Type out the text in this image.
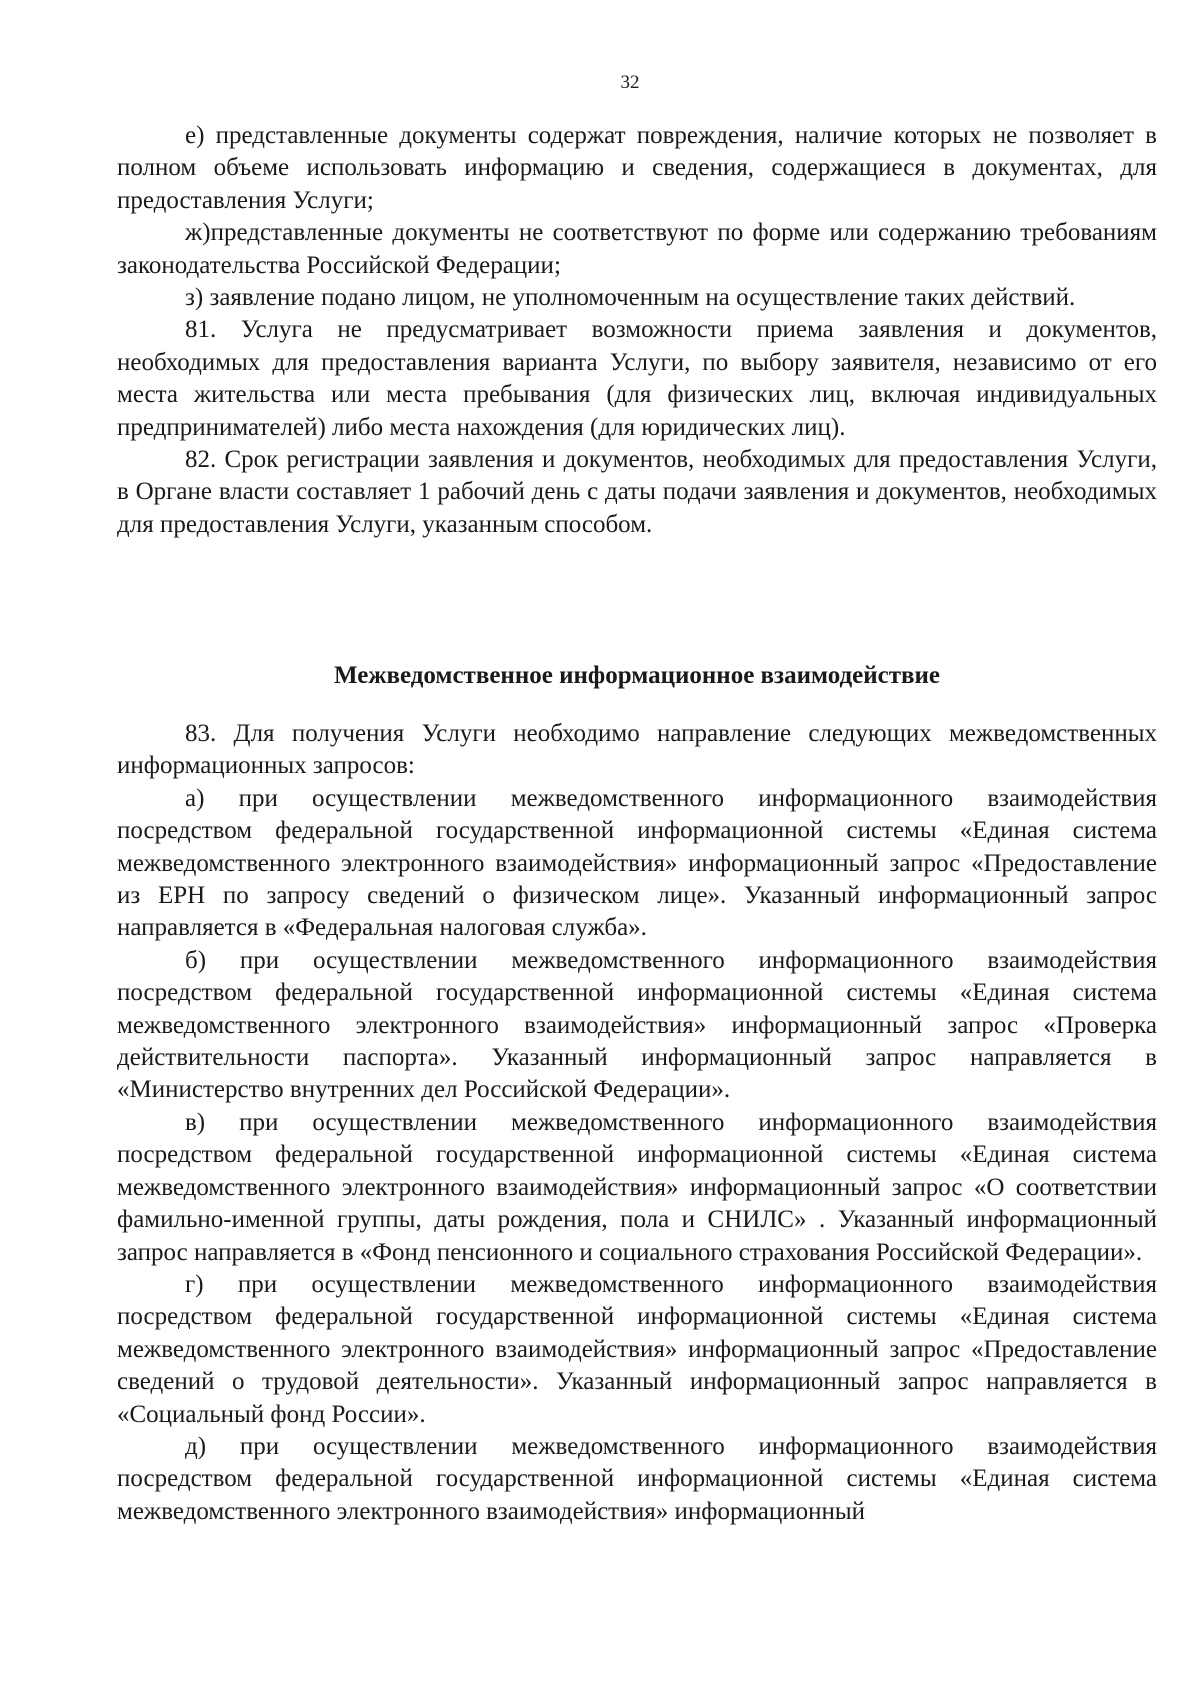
32

е) представленные документы содержат повреждения, наличие которых не позволяет в полном объеме использовать информацию и сведения, содержащиеся в документах, для предоставления Услуги;

ж)представленные документы не соответствуют по форме или содержанию требованиям законодательства Российской Федерации;

з) заявление подано лицом, не уполномоченным на осуществление таких действий.

81. Услуга не предусматривает возможности приема заявления и документов, необходимых для предоставления варианта Услуги, по выбору заявителя, независимо от его места жительства или места пребывания (для физических лиц, включая индивидуальных предпринимателей) либо места нахождения (для юридических лиц).

82. Срок регистрации заявления и документов, необходимых для предоставления Услуги, в Органе власти составляет 1 рабочий день с даты подачи заявления и документов, необходимых для предоставления Услуги, указанным способом.

Межведомственное информационное взаимодействие

83. Для получения Услуги необходимо направление следующих межведомственных информационных запросов:

а) при осуществлении межведомственного информационного взаимодействия посредством федеральной государственной информационной системы «Единая система межведомственного электронного взаимодействия» информационный запрос «Предоставление из ЕРН по запросу сведений о физическом лице». Указанный информационный запрос направляется в «Федеральная налоговая служба».

б) при осуществлении межведомственного информационного взаимодействия посредством федеральной государственной информационной системы «Единая система межведомственного электронного взаимодействия» информационный запрос «Проверка действительности паспорта». Указанный информационный запрос направляется в «Министерство внутренних дел Российской Федерации».

в) при осуществлении межведомственного информационного взаимодействия посредством федеральной государственной информационной системы «Единая система межведомственного электронного взаимодействия» информационный запрос «О соответствии фамильно-именной группы, даты рождения, пола и СНИЛС» . Указанный информационный запрос направляется в «Фонд пенсионного и социального страхования Российской Федерации».

г) при осуществлении межведомственного информационного взаимодействия посредством федеральной государственной информационной системы «Единая система межведомственного электронного взаимодействия» информационный запрос «Предоставление сведений о трудовой деятельности». Указанный информационный запрос направляется в «Социальный фонд России».

д) при осуществлении межведомственного информационного взаимодействия посредством федеральной государственной информационной системы «Единая система межведомственного электронного взаимодействия» информационный
